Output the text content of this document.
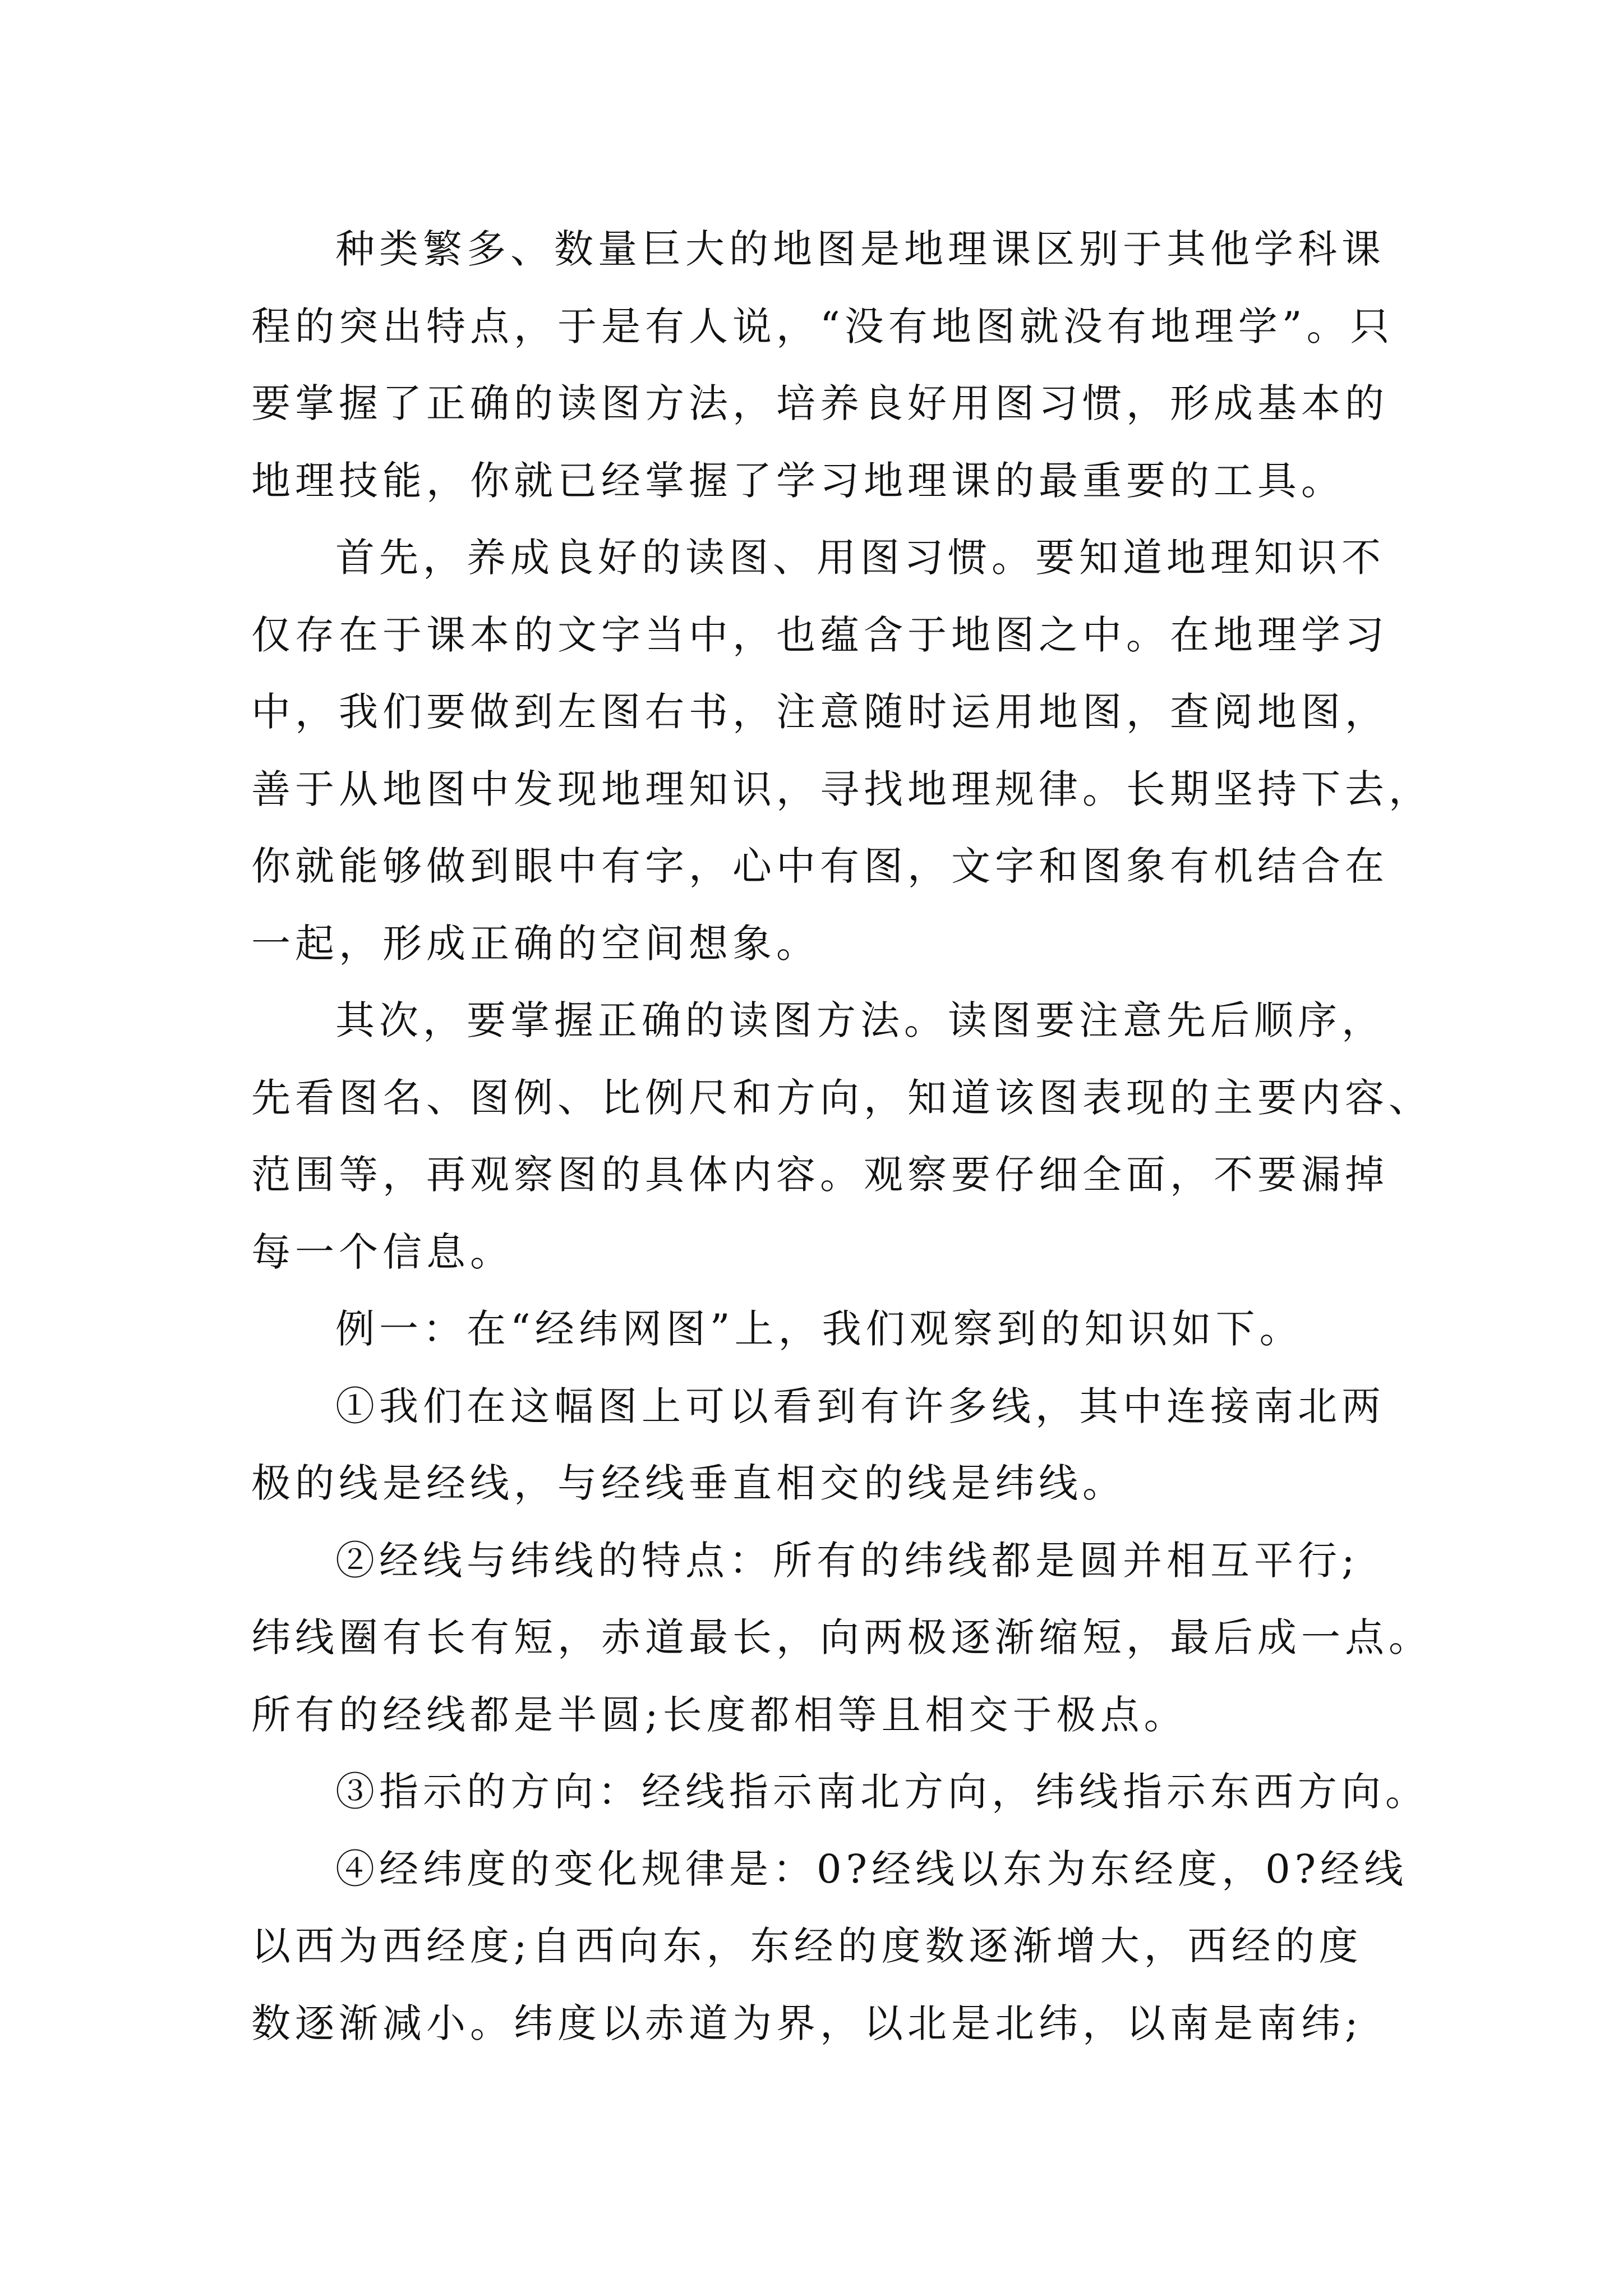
种类繁多、数量巨大的地图是地理课区别于其他学科课
程的突出特点，于是有人说，“没有地图就没有地理学”。只
要掌握了正确的读图方法，培养良好用图习惯，形成基本的
地理技能，你就已经掌握了学习地理课的最重要的工具。
首先，养成良好的读图、用图习惯。要知道地理知识不
仅存在于课本的文字当中，也蕴含于地图之中。在地理学习
中，我们要做到左图右书，注意随时运用地图，查阅地图，
善于从地图中发现地理知识，寻找地理规律。长期坚持下去，
你就能够做到眼中有字，心中有图，文字和图象有机结合在
一起，形成正确的空间想象。
其次，要掌握正确的读图方法。读图要注意先后顺序，
先看图名、图例、比例尺和方向，知道该图表现的主要内容、
范围等，再观察图的具体内容。观察要仔细全面，不要漏掉
每一个信息。
例一：在“经纬网图”上，我们观察到的知识如下。
①我们在这幅图上可以看到有许多线，其中连接南北两
极的线是经线，与经线垂直相交的线是纬线。
②经线与纬线的特点：所有的纬线都是圆并相互平行;
纬线圈有长有短，赤道最长，向两极逐渐缩短，最后成一点。
所有的经线都是半圆;长度都相等且相交于极点。
③指示的方向：经线指示南北方向，纬线指示东西方向。
④经纬度的变化规律是：0?经线以东为东经度，0?经线
以西为西经度;自西向东，东经的度数逐渐增大，西经的度
数逐渐减小。纬度以赤道为界，以北是北纬，以南是南纬;
